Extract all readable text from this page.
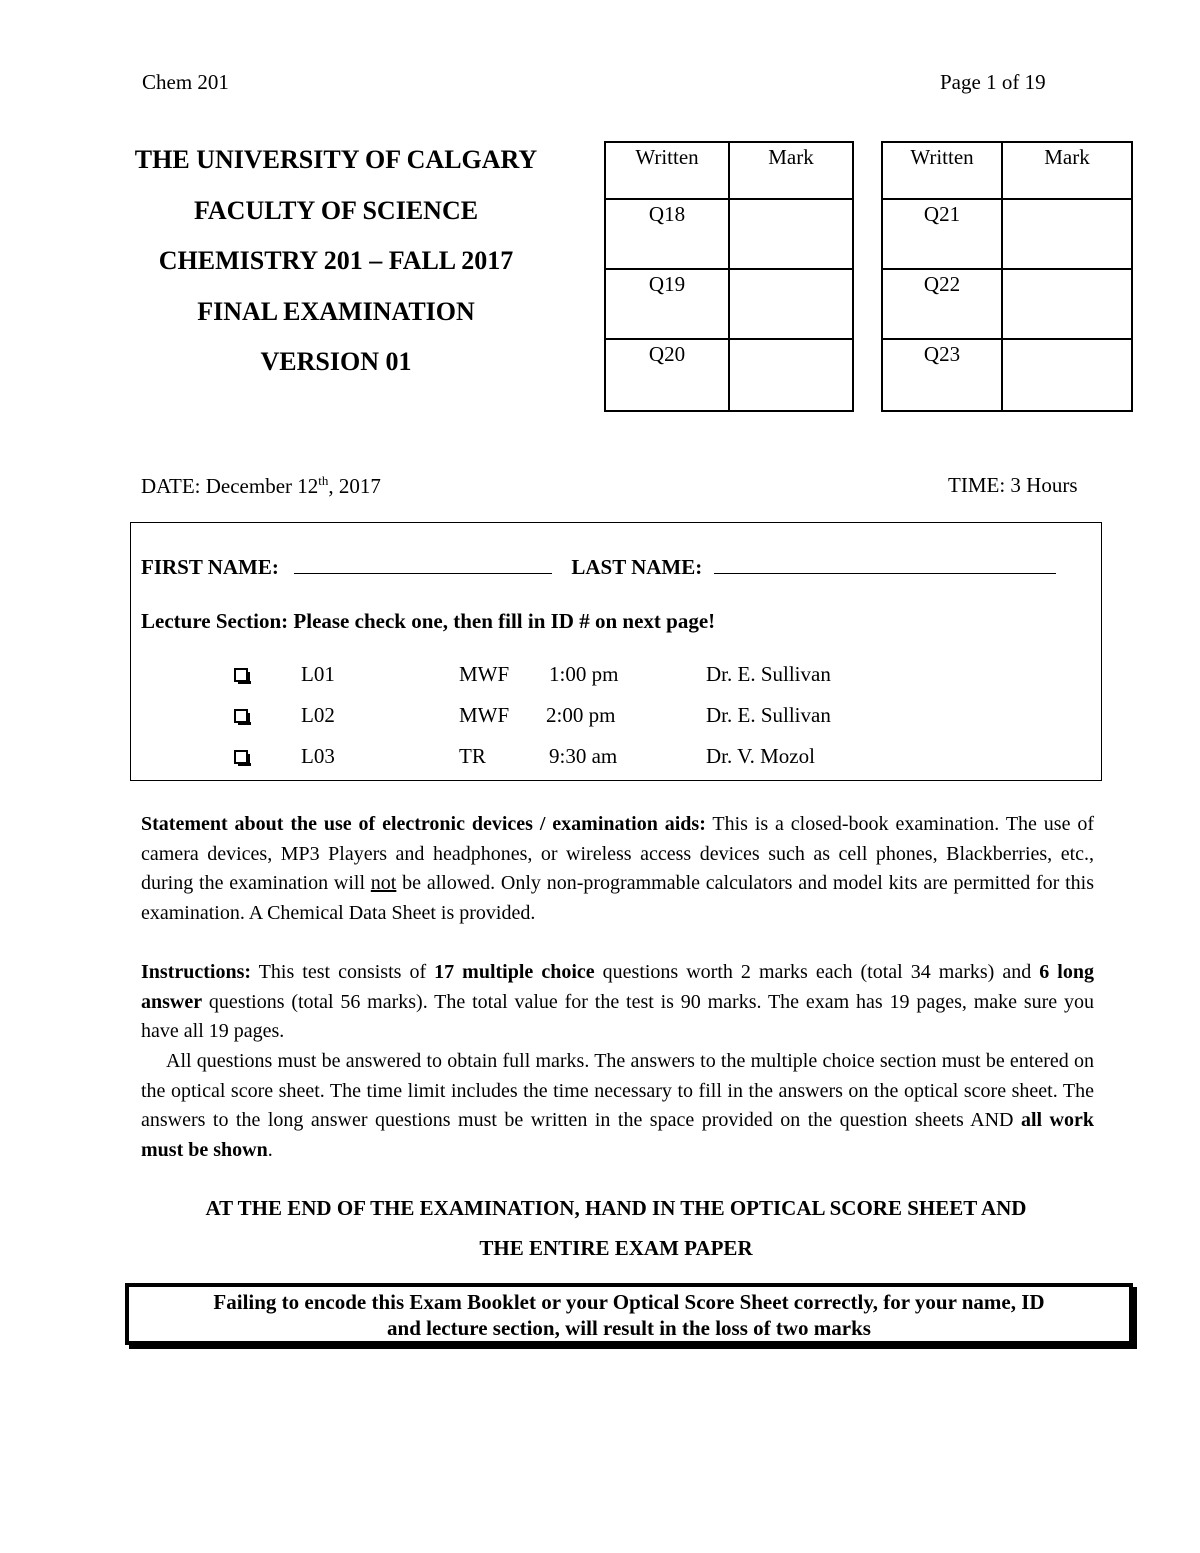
Chem 201	Page 1 of 19
THE UNIVERSITY OF CALGARY
FACULTY OF SCIENCE
CHEMISTRY 201 – FALL 2017
FINAL EXAMINATION
VERSION 01
Written	Mark
Q18	
Q19	
Q20	
Written	Mark
Q21	
Q22	
Q23	
DATE: December 12th, 2017	TIME: 3 Hours
FIRST NAME:	LAST NAME:
Lecture Section: Please check one, then fill in ID # on next page!
L01	MWF 1:00 pm	Dr. E. Sullivan
L02	MWF 2:00 pm	Dr. E. Sullivan
L03	TR	9:30 am	Dr. V. Mozol
Statement about the use of electronic devices / examination aids: This is a closed-book examination. The use of camera devices, MP3 Players and headphones, or wireless access devices such as cell phones, Blackberries, etc., during the examination will not be allowed. Only non-programmable calculators and model kits are permitted for this examination. A Chemical Data Sheet is provided.
Instructions: This test consists of 17 multiple choice questions worth 2 marks each (total 34 marks) and 6 long answer questions (total 56 marks). The total value for the test is 90 marks. The exam has 19 pages, make sure you have all 19 pages.
All questions must be answered to obtain full marks. The answers to the multiple choice section must be entered on the optical score sheet. The time limit includes the time necessary to fill in the answers on the optical score sheet. The answers to the long answer questions must be written in the space provided on the question sheets AND all work must be shown.
AT THE END OF THE EXAMINATION, HAND IN THE OPTICAL SCORE SHEET AND
THE ENTIRE EXAM PAPER
Failing to encode this Exam Booklet or your Optical Score Sheet correctly, for your name, ID
and lecture section, will result in the loss of two marks
